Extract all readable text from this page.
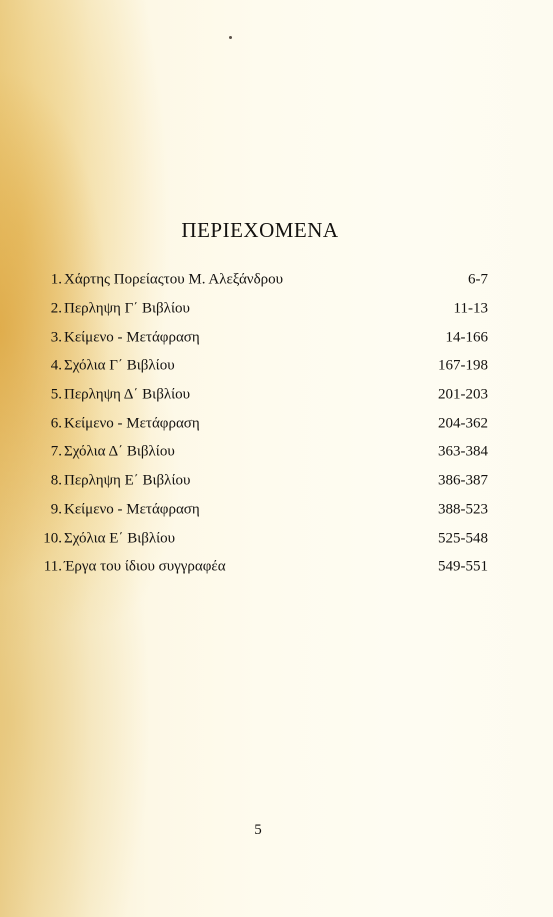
ΠΕΡΙΕΧΟΜΕΝΑ
1. Χάρτης Πορείαςτου Μ. Αλεξάνδρου	6-7
2. Περληψη Γ΄ Βιβλίου	11-13
3. Κείμενο - Μετάφραση	14-166
4. Σχόλια Γ΄ Βιβλίου	167-198
5. Περληψη Δ΄ Βιβλίου	201-203
6. Κείμενο - Μετάφραση	204-362
7. Σχόλια Δ΄ Βιβλίου	363-384
8. Περληψη Ε΄ Βιβλίου	386-387
9. Κείμενο - Μετάφραση	388-523
10. Σχόλια Ε΄ Βιβλίου	525-548
11. Έργα του ίδιου συγγραφέα	549-551
5
